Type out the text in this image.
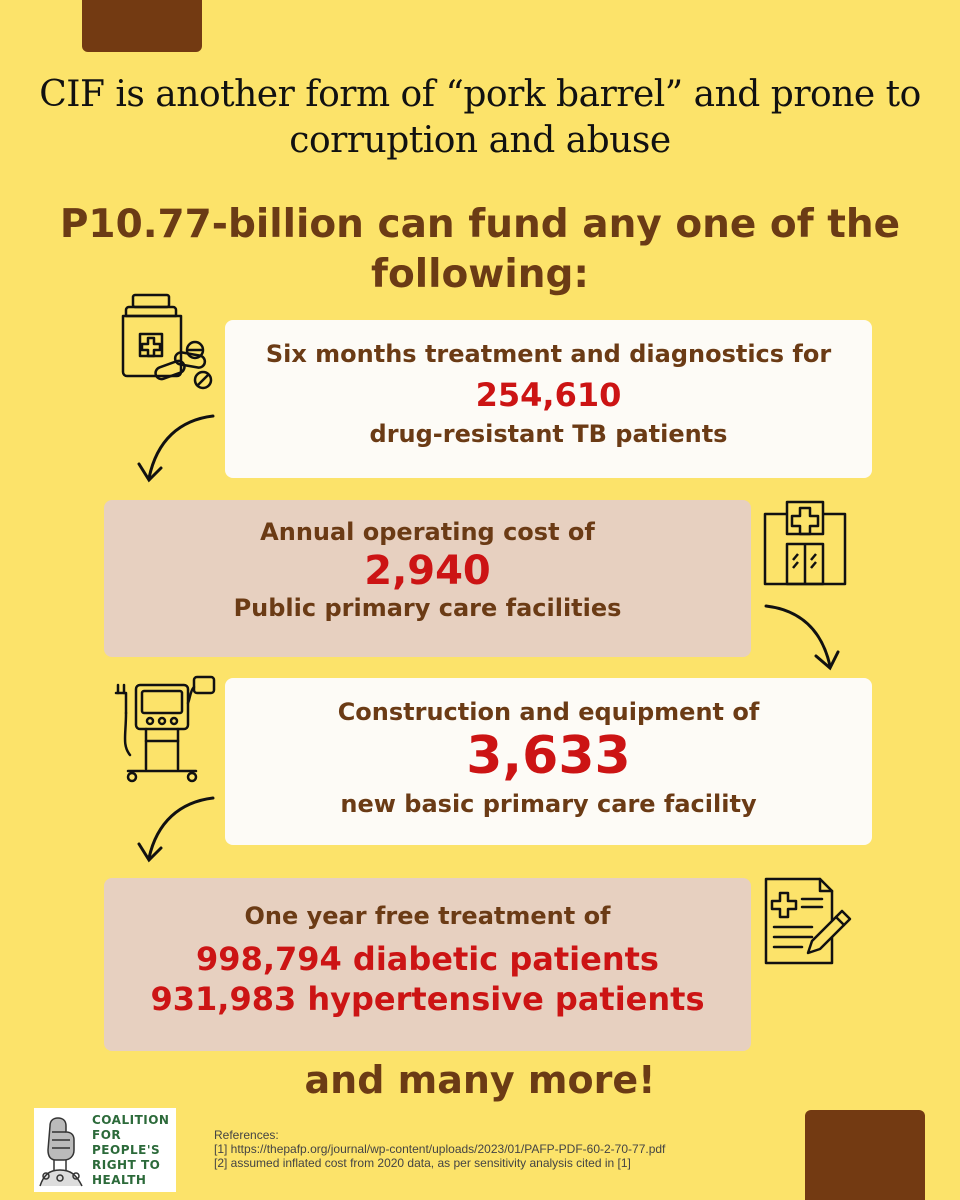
CIF is another form of “pork barrel” and prone to
corruption and abuse
P10.77-billion can fund any one of the
following:
Six months treatment and diagnostics for
254,610
drug-resistant TB patients
Annual operating cost of
2,940
Public primary care facilities
Construction and equipment of
3,633
new basic primary care facility
One year free treatment of
998,794 diabetic patients
931,983 hypertensive patients
and many more!
COALITION
FOR
PEOPLE'S
RIGHT TO
HEALTH
References:
[1] https://thepafp.org/journal/wp-content/uploads/2023/01/PAFP-PDF-60-2-70-77.pdf
[2] assumed inflated cost from 2020 data, as per sensitivity analysis cited in [1]
